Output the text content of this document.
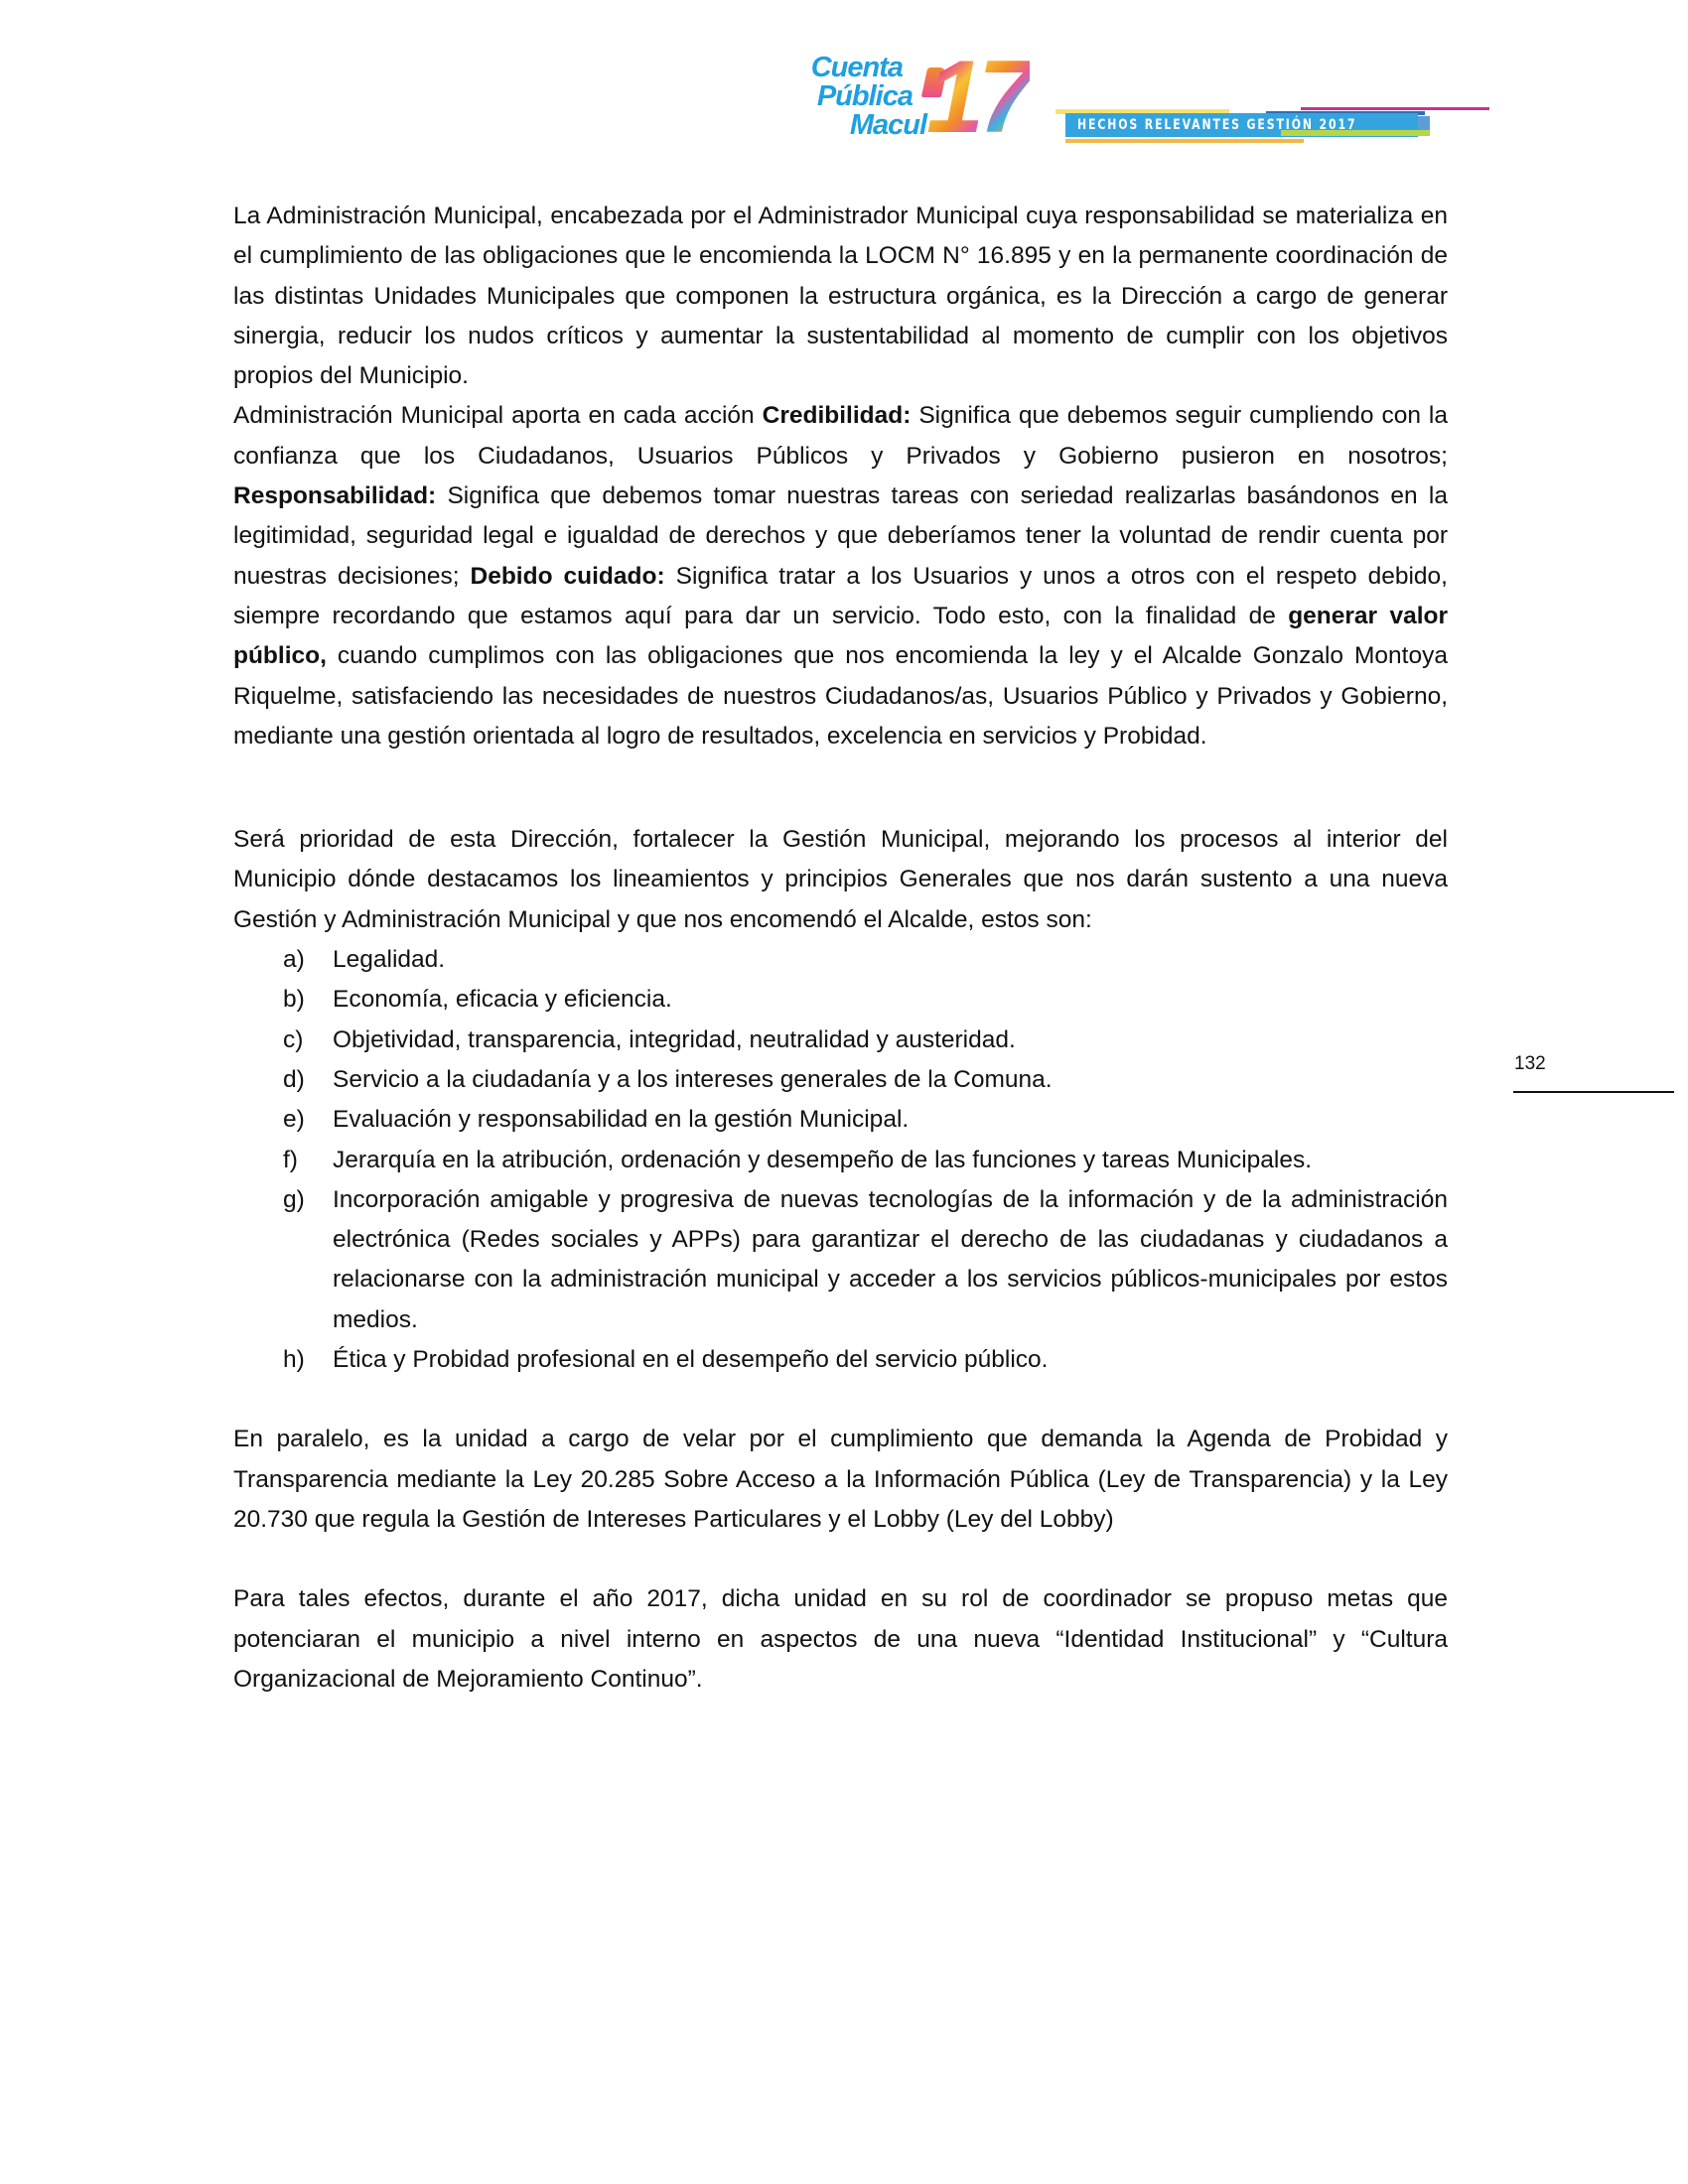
Cuenta
Pública
Macul 17	HECHOS RELEVANTES GESTIÓN 2017

La Administración Municipal, encabezada por el Administrador Municipal cuya responsabilidad se materializa en el cumplimiento de las obligaciones que le encomienda la LOCM N° 16.895 y en la permanente coordinación de las distintas Unidades Municipales que componen la estructura orgánica, es la Dirección a cargo de generar sinergia, reducir los nudos críticos y aumentar la sustentabilidad al momento de cumplir con los objetivos propios del Municipio.

Administración Municipal aporta en cada acción Credibilidad: Significa que debemos seguir cumpliendo con la confianza que los Ciudadanos, Usuarios Públicos y Privados y Gobierno pusieron en nosotros; Responsabilidad: Significa que debemos tomar nuestras tareas con seriedad realizarlas basándonos en la legitimidad, seguridad legal e igualdad de derechos y que deberíamos tener la voluntad de rendir cuenta por nuestras decisiones; Debido cuidado: Significa tratar a los Usuarios y unos a otros con el respeto debido, siempre recordando que estamos aquí para dar un servicio. Todo esto, con la finalidad de generar valor público, cuando cumplimos con las obligaciones que nos encomienda la ley y el Alcalde Gonzalo Montoya Riquelme, satisfaciendo las necesidades de nuestros Ciudadanos/as, Usuarios Público y Privados y Gobierno, mediante una gestión orientada al logro de resultados, excelencia en servicios y Probidad.

Será prioridad de esta Dirección, fortalecer la Gestión Municipal, mejorando los procesos al interior del Municipio dónde destacamos los lineamientos y principios Generales que nos darán sustento a una nueva Gestión y Administración Municipal y que nos encomendó el Alcalde, estos son:

a) Legalidad.
b) Economía, eficacia y eficiencia.
c) Objetividad, transparencia, integridad, neutralidad y austeridad.
d) Servicio a la ciudadanía y a los intereses generales de la Comuna.
e) Evaluación y responsabilidad en la gestión Municipal.
f) Jerarquía en la atribución, ordenación y desempeño de las funciones y tareas Municipales.
g) Incorporación amigable y progresiva de nuevas tecnologías de la información y de la administración electrónica (Redes sociales y APPs) para garantizar el derecho de las ciudadanas y ciudadanos a relacionarse con la administración municipal y acceder a los servicios públicos-municipales por estos medios.
h) Ética y Probidad profesional en el desempeño del servicio público.

En paralelo, es la unidad a cargo de velar por el cumplimiento que demanda la Agenda de Probidad y Transparencia mediante la Ley 20.285 Sobre Acceso a la Información Pública (Ley de Transparencia) y la Ley 20.730 que regula la Gestión de Intereses Particulares y el Lobby (Ley del Lobby)

Para tales efectos, durante el año 2017, dicha unidad en su rol de coordinador se propuso metas que potenciaran el municipio a nivel interno en aspectos de una nueva “Identidad Institucional” y “Cultura Organizacional de Mejoramiento Continuo”.

132
